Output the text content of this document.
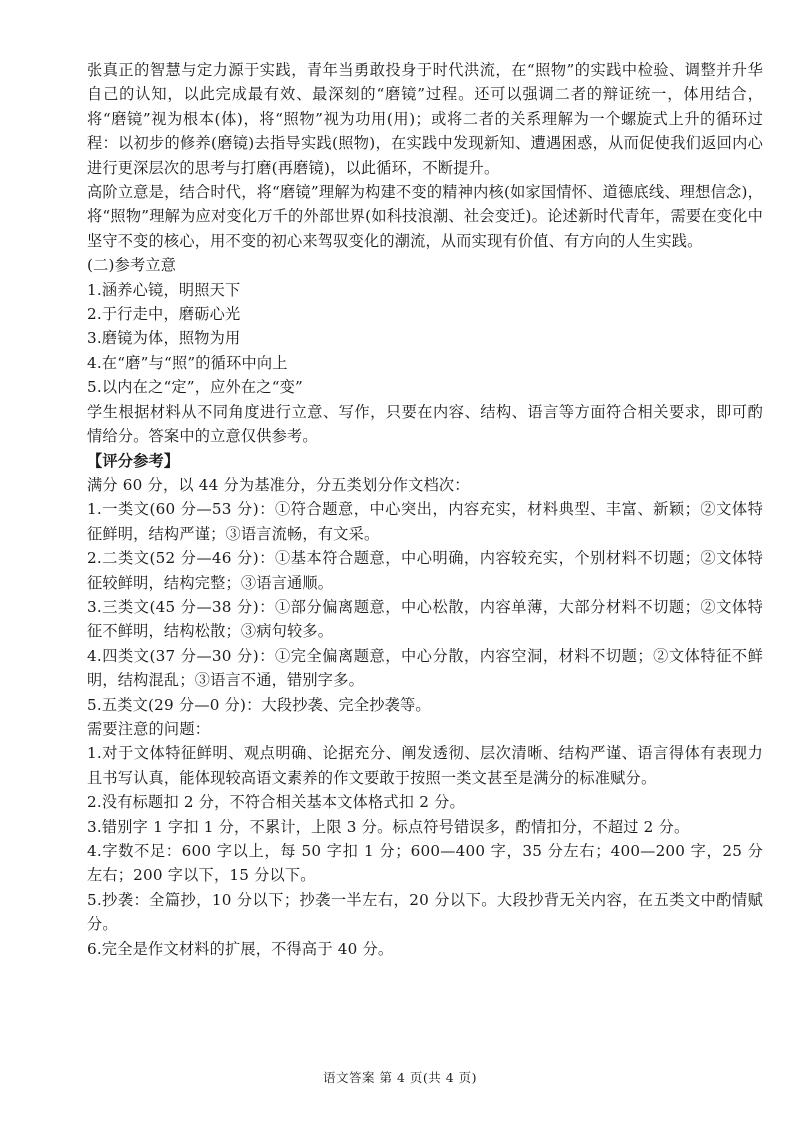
张真正的智慧与定力源于实践，青年当勇敢投身于时代洪流，在“照物”的实践中检验、调整并升华自己的认知，以此完成最有效、最深刻的“磨镜”过程。还可以强调二者的辩证统一，体用结合，将“磨镜”视为根本(体)，将“照物”视为功用(用)；或将二者的关系理解为一个螺旋式上升的循环过程：以初步的修养(磨镜)去指导实践(照物)，在实践中发现新知、遭遇困惑，从而促使我们返回内心进行更深层次的思考与打磨(再磨镜)，以此循环，不断提升。

高阶立意是，结合时代，将“磨镜”理解为构建不变的精神内核(如家国情怀、道德底线、理想信念)，将“照物”理解为应对变化万千的外部世界(如科技浪潮、社会变迁)。论述新时代青年，需要在变化中坚守不变的核心，用不变的初心来驾驭变化的潮流，从而实现有价值、有方向的人生实践。

(二)参考立意

1.涵养心镜，明照天下

2.于行走中，磨砺心光

3.磨镜为体，照物为用

4.在“磨”与“照”的循环中向上

5.以内在之“定”，应外在之“变”

学生根据材料从不同角度进行立意、写作，只要在内容、结构、语言等方面符合相关要求，即可酌情给分。答案中的立意仅供参考。

【评分参考】

满分 60 分，以 44 分为基准分，分五类划分作文档次：

1.一类文(60 分—53 分)：①符合题意，中心突出，内容充实，材料典型、丰富、新颖；②文体特征鲜明，结构严谨；③语言流畅，有文采。

2.二类文(52 分—46 分)：①基本符合题意，中心明确，内容较充实，个别材料不切题；②文体特征较鲜明，结构完整；③语言通顺。

3.三类文(45 分—38 分)：①部分偏离题意，中心松散，内容单薄，大部分材料不切题；②文体特征不鲜明，结构松散；③病句较多。

4.四类文(37 分—30 分)：①完全偏离题意，中心分散，内容空洞，材料不切题；②文体特征不鲜明，结构混乱；③语言不通，错别字多。

5.五类文(29 分—0 分)：大段抄袭、完全抄袭等。

需要注意的问题：

1.对于文体特征鲜明、观点明确、论据充分、阐发透彻、层次清晰、结构严谨、语言得体有表现力且书写认真，能体现较高语文素养的作文要敢于按照一类文甚至是满分的标准赋分。

2.没有标题扣 2 分，不符合相关基本文体格式扣 2 分。

3.错别字 1 字扣 1 分，不累计，上限 3 分。标点符号错误多，酌情扣分，不超过 2 分。

4.字数不足：600 字以上，每 50 字扣 1 分；600—400 字，35 分左右；400—200 字，25 分左右；200 字以下，15 分以下。

5.抄袭：全篇抄，10 分以下；抄袭一半左右，20 分以下。大段抄背无关内容，在五类文中酌情赋分。

6.完全是作文材料的扩展，不得高于 40 分。

语文答案 第 4 页(共 4 页)
